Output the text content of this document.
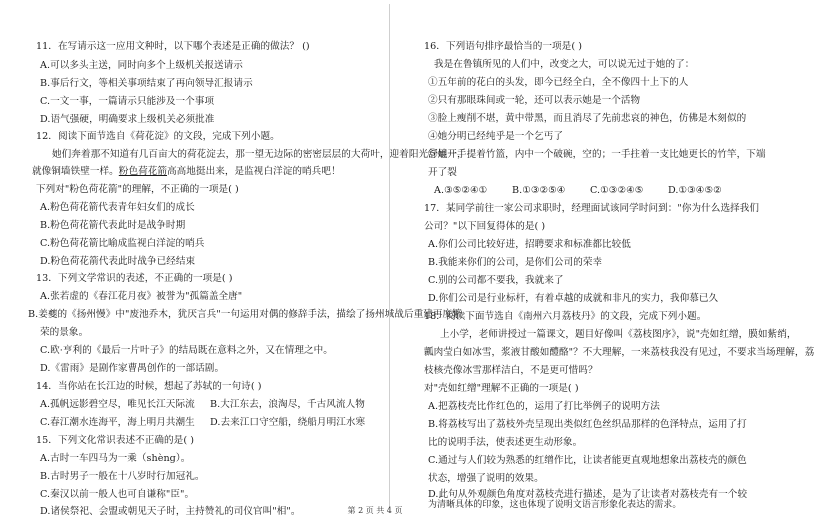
11．在写请示这一应用文种时，以下哪个表述是正确的做法？ ()
A.可以多头主送，同时向多个上级机关报送请示
B.事后行文，等相关事项结束了再向领导汇报请示
C.一文一事，一篇请示只能涉及一个事项
D.语气强硬，明确要求上级机关必须批准
12．阅读下面节选自《荷花淀》的文段，完成下列小题。
她们奔着那不知道有几百亩大的荷花淀去，那一望无边际的密密层层的大荷叶，迎着阳光舒展开，
就像铜墙铁壁一样。粉色荷花箭高高地挺出来，是监视白洋淀的哨兵吧！
下列对"粉色荷花箭"的理解，不正确的一项是( )
A.粉色荷花箭代表青年妇女们的成长
B.粉色荷花箭代表此时是战争时期
C.粉色荷花箭比喻成监视白洋淀的哨兵
D.粉色荷花箭代表此时战争已经结束
13．下列文学常识的表述，不正确的一项是( )
A.张若虚的《春江花月夜》被誉为"孤篇盖全唐"
B.姜夔的《扬州慢》中"废池乔木，犹厌言兵"一句运用对偶的修辞手法，描绘了扬州城战后重建再度繁
荣的景象。
C.欧·亨利的《最后一片叶子》的结局既在意料之外，又在情理之中。
D.《雷雨》是剧作家曹禺创作的一部话剧。
14．当你站在长江边的时候，想起了苏轼的一句诗( )
A.孤帆远影碧空尽，唯见长江天际流 B.大江东去，浪淘尽，千古风流人物
C.春江潮水连海平，海上明月共潮生 D.去来江口守空船，绕船月明江水寒
15．下列文化常识表述不正确的是( )
A.古时一车四马为一乘（shèng）。
B.古时男子一般在十八岁时行加冠礼。
C.秦汉以前一般人也可自谦称"臣"。
D.诸侯祭祀、会盟或朝见天子时，主持赞礼的司仪官叫"相"。
16．下列语句排序最恰当的一项是( )
我是在鲁镇所见的人们中，改变之大，可以说无过于她的了：
①五年前的花白的头发，即今已经全白，全不像四十上下的人
②只有那眼珠间或一轮，还可以表示她是一个活物
③脸上瘦削不堪，黄中带黑，而且消尽了先前悲哀的神色，仿佛是木刻似的
④她分明已经纯乎是一个乞丐了
⑤她一手提着竹篮，内中一个破碗，空的；一手拄着一支比她更长的竹竿，下端
开了裂
A.③⑤②④①	B.①③②⑤④	C.①③②④⑤	D.①③④⑤②
17．某同学前往一家公司求职时，经理面试该同学时问到："你为什么选择我们
公司？"以下回复得体的是( )
A.你们公司比较好进，招聘要求和标准都比较低
B.我能来你们的公司，是你们公司的荣幸
C.别的公司都不要我，我就来了
D.你们公司是行业标杆，有着卓越的成就和非凡的实力，我仰慕已久
18．阅读下面节选自《南州六月荔枝丹》的文段，完成下列小题。
上小学，老师讲授过一篇课文，题目好像叫《荔枝图序》，说"壳如红缯，膜如紫绡，
瓤肉莹白如冰雪，浆液甘酸如醴酪"？不大理解，一来荔枝我没有见过，不要求当场理解，荔
枝核壳像冰雪那样洁白，不是更可惜吗？
对"壳如红缯"理解不正确的一项是( )
A.把荔枝壳比作红色的，运用了打比举例子的说明方法
B.将荔枝写出了荔枝外壳呈现出类似红色丝织品那样的色泽特点，运用了打
比的说明手法，使表述更生动形象。
C.通过与人们较为熟悉的红缯作比，让读者能更直观地想象出荔枝壳的颜色
状态，增强了说明的效果。
D.此句从外观颜色角度对荔枝壳进行描述，是为了让读者对荔枝壳有一个较
为清晰具体的印象，这也体现了说明文语言形象化表达的需求。
第 2 页 共 4 页
